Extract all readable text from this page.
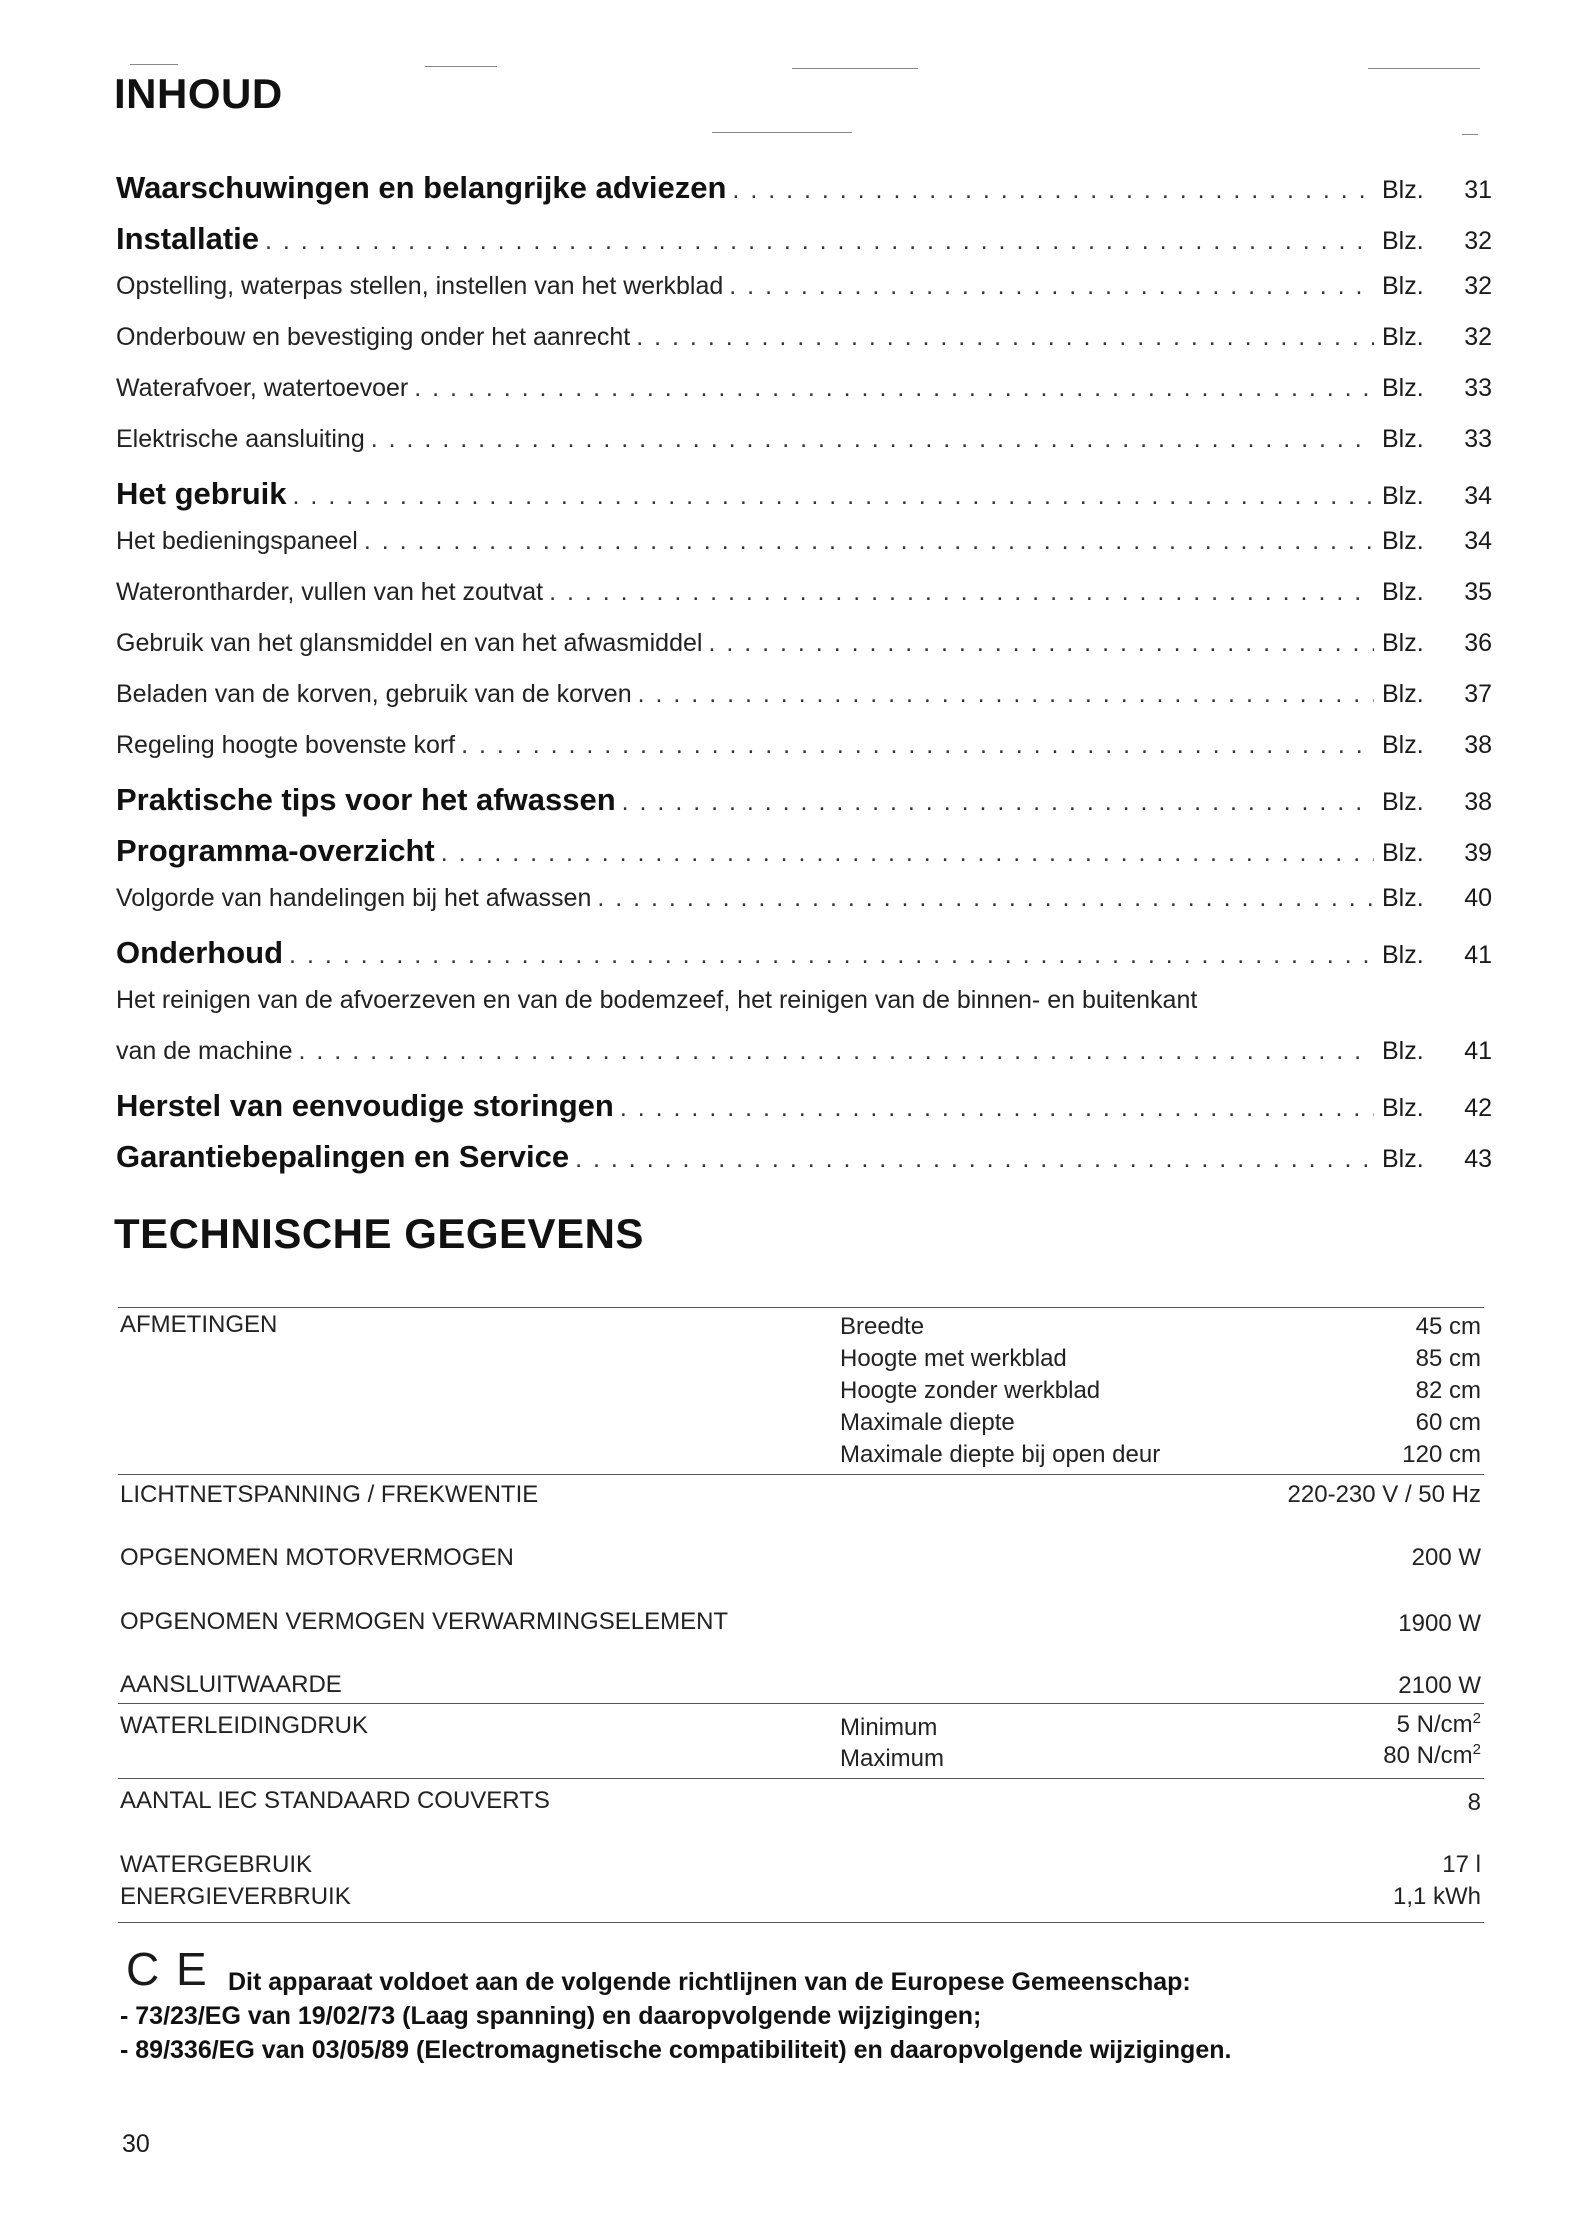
INHOUD
Waarschuwingen en belangrijke adviezen . . .	Blz.	31
Installatie . . .	Blz.	32
Opstelling, waterpas stellen, instellen van het werkblad . . .	Blz.	32
Onderbouw en bevestiging onder het aanrecht . . .	Blz.	32
Waterafvoer, watertoevoer . . .	Blz.	33
Elektrische aansluiting . . .	Blz.	33
Het gebruik . . .	Blz.	34
Het bedieningspaneel . . .	Blz.	34
Waterontharder, vullen van het zoutvat . . .	Blz.	35
Gebruik van het glansmiddel en van het afwasmiddel . . .	Blz.	36
Beladen van de korven, gebruik van de korven . . .	Blz.	37
Regeling hoogte bovenste korf . . .	Blz.	38
Praktische tips voor het afwassen . . .	Blz.	38
Programma-overzicht . . .	Blz.	39
Volgorde van handelingen bij het afwassen . . .	Blz.	40
Onderhoud . . .	Blz.	41
Het reinigen van de afvoerzeven en van de bodemzeef, het reinigen van de binnen- en buitenkant
van de machine . . .	Blz.	41
Herstel van eenvoudige storingen . . .	Blz.	42
Garantiebepalingen en Service . . .	Blz.	43
TECHNISCHE GEGEVENS
AFMETINGEN	Breedte	45 cm
Hoogte met werkblad	85 cm
Hoogte zonder werkblad	82 cm
Maximale diepte	60 cm
Maximale diepte bij open deur	120 cm
LICHTNETSPANNING / FREKWENTIE	220-230 V / 50 Hz
OPGENOMEN MOTORVERMOGEN	200 W
OPGENOMEN VERMOGEN VERWARMINGSELEMENT	1900 W
AANSLUITWAARDE	2100 W
WATERLEIDINGDRUK	Minimum	5 $N/cm^2$
Maximum	80 $N/cm^2$
AANTAL IEC STANDAARD COUVERTS	8
WATERGEBRUIK	17 l
ENERGIEVERBRUIK	1,1 kWh
C E Dit apparaat voldoet aan de volgende richtlijnen van de Europese Gemeenschap:
- 73/23/EG van 19/02/73 (Laag spanning) en daaropvolgende wijzigingen;
- 89/336/EG van 03/05/89 (Electromagnetische compatibiliteit) en daaropvolgende wijzigingen.
30
